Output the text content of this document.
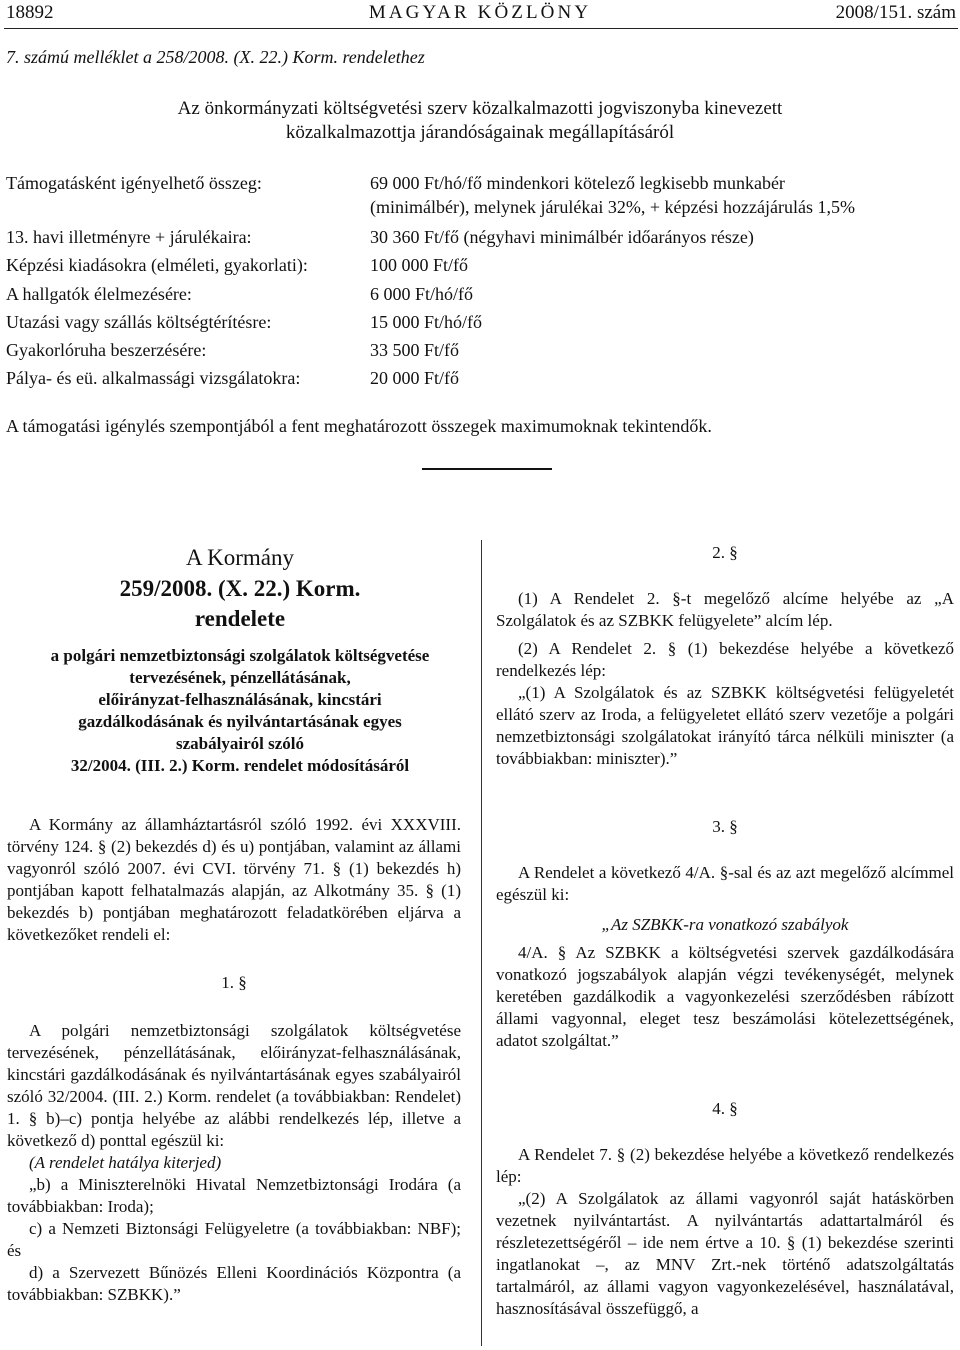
18892	MAGYAR KÖZLÖNY	2008/151. szám
7. számú melléklet a 258/2008. (X. 22.) Korm. rendelethez
Az önkormányzati költségvetési szerv közalkalmazotti jogviszonyba kinevezett
közalkalmazottja járandóságainak megállapításáról
Támogatásként igényelhető összeg:	69 000 Ft/hó/fő mindenkori kötelező legkisebb munkabér
(minimálbér), melynek járulékai 32%, + képzési hozzájárulás 1,5%
13. havi illetményre + járulékaira:	30 360 Ft/fő (négyhavi minimálbér időarányos része)
Képzési kiadásokra (elméleti, gyakorlati):	100 000 Ft/fő
A hallgatók élelmezésére:	6 000 Ft/hó/fő
Utazási vagy szállás költségtérítésre:	15 000 Ft/hó/fő
Gyakorlóruha beszerzésére:	33 500 Ft/fő
Pálya- és eü. alkalmassági vizsgálatokra:	20 000 Ft/fő
A támogatási igénylés szempontjából a fent meghatározott összegek maximumoknak tekintendők.
A Kormány
259/2008. (X. 22.) Korm.
rendelete
a polgári nemzetbiztonsági szolgálatok költségvetése
tervezésének, pénzellátásának,
előirányzat-felhasználásának, kincstári
gazdálkodásának és nyilvántartásának egyes
szabályairól szóló
32/2004. (III. 2.) Korm. rendelet módosításáról

A Kormány az államháztartásról szóló 1992. évi XXXVIII. törvény 124. § (2) bekezdés d) és u) pontjában, valamint az állami vagyonról szóló 2007. évi CVI. törvény 71. § (1) bekezdés h) pontjában kapott felhatalmazás alapján, az Alkotmány 35. § (1) bekezdés b) pontjában meghatározott feladatkörében eljárva a következőket rendeli el:

1. §

A polgári nemzetbiztonsági szolgálatok költségvetése tervezésének, pénzellátásának, előirányzat-felhasználásának, kincstári gazdálkodásának és nyilvántartásának egyes szabályairól szóló 32/2004. (III. 2.) Korm. rendelet (a továbbiakban: Rendelet) 1. § b)–c) pontja helyébe az alábbi rendelkezés lép, illetve a következő d) ponttal egészül ki:

(A rendelet hatálya kiterjed)

„b) a Miniszterelnöki Hivatal Nemzetbiztonsági Irodára (a továbbiakban: Iroda);

c) a Nemzeti Biztonsági Felügyeletre (a továbbiakban: NBF); és

d) a Szervezett Bűnözés Elleni Koordinációs Központra (a továbbiakban: SZBKK).”

2. §

(1) A Rendelet 2. §-t megelőző alcíme helyébe az „A Szolgálatok és az SZBKK felügyelete” alcím lép.

(2) A Rendelet 2. § (1) bekezdése helyébe a következő rendelkezés lép:

„(1) A Szolgálatok és az SZBKK költségvetési felügyeletét ellátó szerv az Iroda, a felügyeletet ellátó szerv vezetője a polgári nemzetbiztonsági szolgálatokat irányító tárca nélküli miniszter (a továbbiakban: miniszter).”

3. §

A Rendelet a következő 4/A. §-sal és az azt megelőző alcímmel egészül ki:

„Az SZBKK-ra vonatkozó szabályok

4/A. § Az SZBKK a költségvetési szervek gazdálkodására vonatkozó jogszabályok alapján végzi tevékenységét, melynek keretében gazdálkodik a vagyonkezelési szerződésben rábízott állami vagyonnal, eleget tesz beszámolási kötelezettségének, adatot szolgáltat.”

4. §

A Rendelet 7. § (2) bekezdése helyébe a következő rendelkezés lép:

„(2) A Szolgálatok az állami vagyonról saját hatáskörben vezetnek nyilvántartást. A nyilvántartás adattartalmáról és részletezettségéről – ide nem értve a 10. § (1) bekezdése szerinti ingatlanokat –, az MNV Zrt.-nek történő adatszolgáltatás tartalmáról, az állami vagyon vagyonkezelésével, használatával, hasznosításával összefüggő, a
